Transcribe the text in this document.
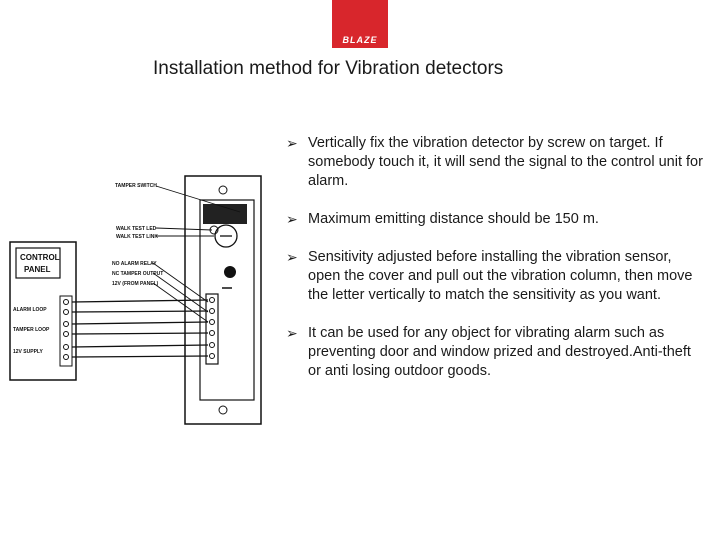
BLAZE
Installation method for Vibration detectors
➢ Vertically fix the vibration detector by screw on target. If somebody touch it, it will send the signal to the control unit for alarm.
➢ Maximum emitting distance should be 150 m.
➢ Sensitivity adjusted before installing the vibration sensor, open the cover and pull out the vibration column, then move the letter vertically to match the sensitivity as you want.
➢ It can be used for any object for vibrating alarm such as preventing door and window prized and destroyed.Anti-theft or anti losing outdoor goods.
CONTROL
PANEL
ALARM LOOP
TAMPER LOOP
12V SUPPLY
TAMPER SWITCH
WALK TEST LED
WALK TEST LINK
NO ALARM RELAY
NC TAMPER OUTPUT
12V (FROM PANEL)
